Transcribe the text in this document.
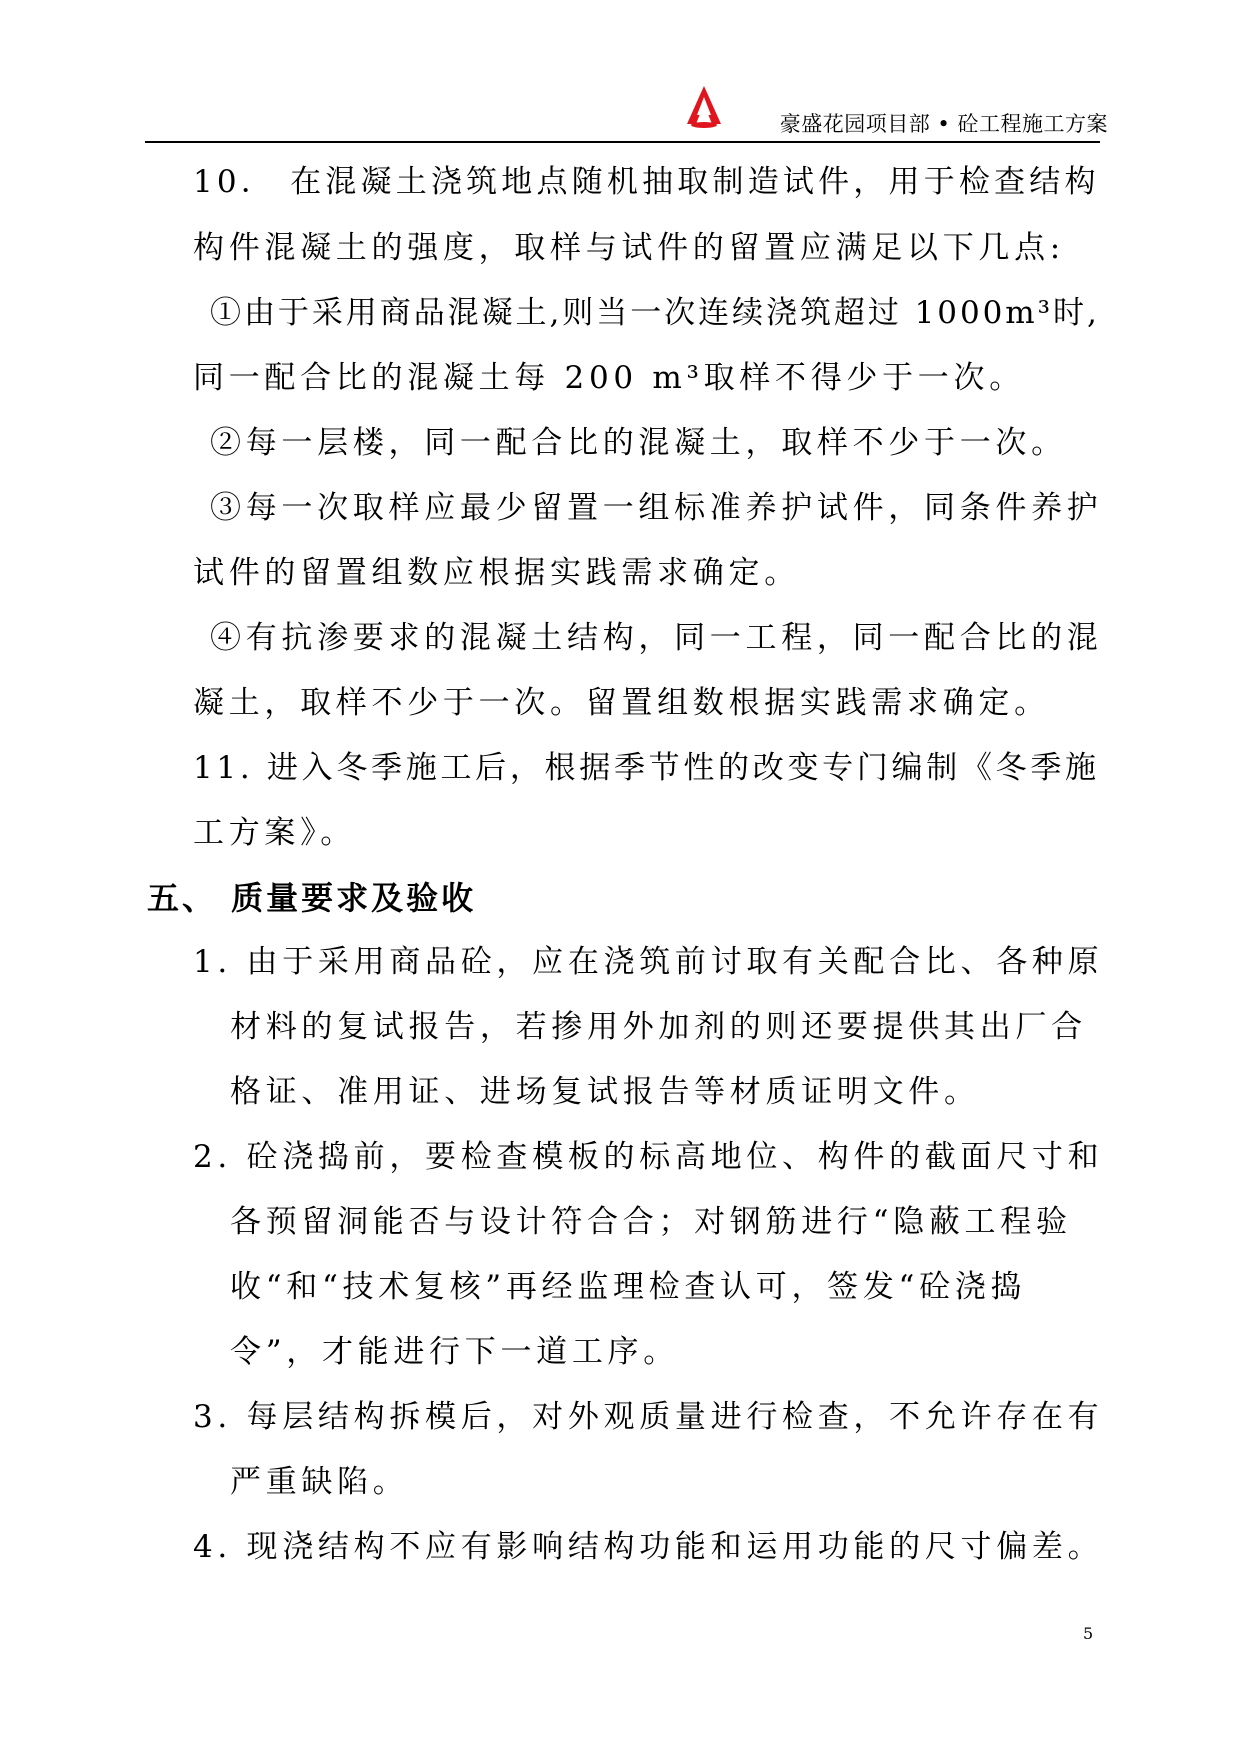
豪盛花园项目部 • 砼工程施工方案
10． 在混凝土浇筑地点随机抽取制造试件，用于检查结构
构件混凝土的强度，取样与试件的留置应满足以下几点:
①由于采用商品混凝土,则当一次连续浇筑超过 1000m³时,
同一配合比的混凝土每 200 m³取样不得少于一次。
②每一层楼，同一配合比的混凝土，取样不少于一次。
③每一次取样应最少留置一组标准养护试件，同条件养护
试件的留置组数应根据实践需求确定。
④有抗渗要求的混凝土结构，同一工程，同一配合比的混
凝土，取样不少于一次。留置组数根据实践需求确定。
11. 进入冬季施工后，根据季节性的改变专门编制《冬季施
工方案》。
五、 质量要求及验收
1. 由于采用商品砼，应在浇筑前讨取有关配合比、各种原
材料的复试报告，若掺用外加剂的则还要提供其出厂合
格证、准用证、进场复试报告等材质证明文件。
2. 砼浇捣前，要检查模板的标高地位、构件的截面尺寸和
各预留洞能否与设计符合合；对钢筋进行“隐蔽工程验
收“和“技术复核”再经监理检查认可，签发“砼浇捣
令”，才能进行下一道工序。
3. 每层结构拆模后，对外观质量进行检查，不允许存在有
严重缺陷。
4. 现浇结构不应有影响结构功能和运用功能的尺寸偏差。
5
